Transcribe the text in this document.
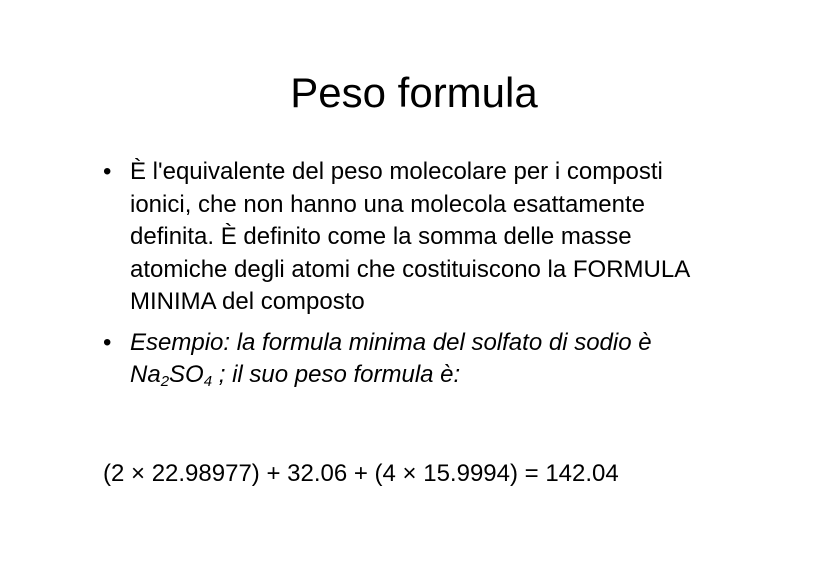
Peso formula
• È l'equivalente del peso molecolare per i composti ionici, che non hanno una molecola esattamente definita. È definito come la somma delle masse atomiche degli atomi che costituiscono la FORMULA MINIMA del composto
• Esempio: la formula minima del solfato di sodio è $Na_2SO_4$ ; il suo peso formula è:
(2 × 22.98977) + 32.06 + (4 × 15.9994) = 142.04
